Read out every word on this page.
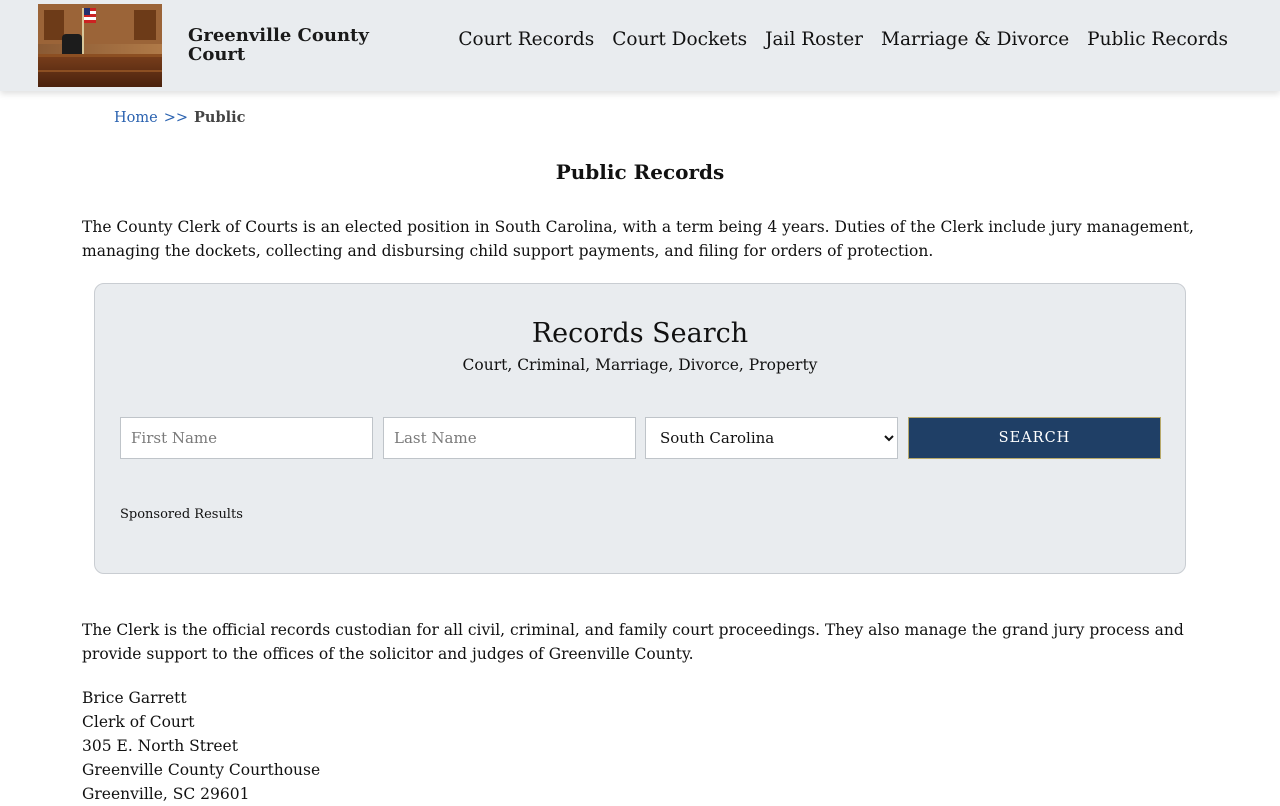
Greenville County Court
Court Records Court Dockets Jail Roster Marriage & Divorce Public Records
Home >> Public
Public Records

The County Clerk of Courts is an elected position in South Carolina, with a term being 4 years. Duties of the Clerk include jury management, managing the dockets, collecting and disbursing child support payments, and filing for orders of protection.

Records Search
Court, Criminal, Marriage, Divorce, Property
First Name
Last Name
South Carolina
SEARCH
Sponsored Results

The Clerk is the official records custodian for all civil, criminal, and family court proceedings. They also manage the grand jury process and provide support to the offices of the solicitor and judges of Greenville County.

Brice Garrett
Clerk of Court
305 E. North Street
Greenville County Courthouse
Greenville, SC 29601
